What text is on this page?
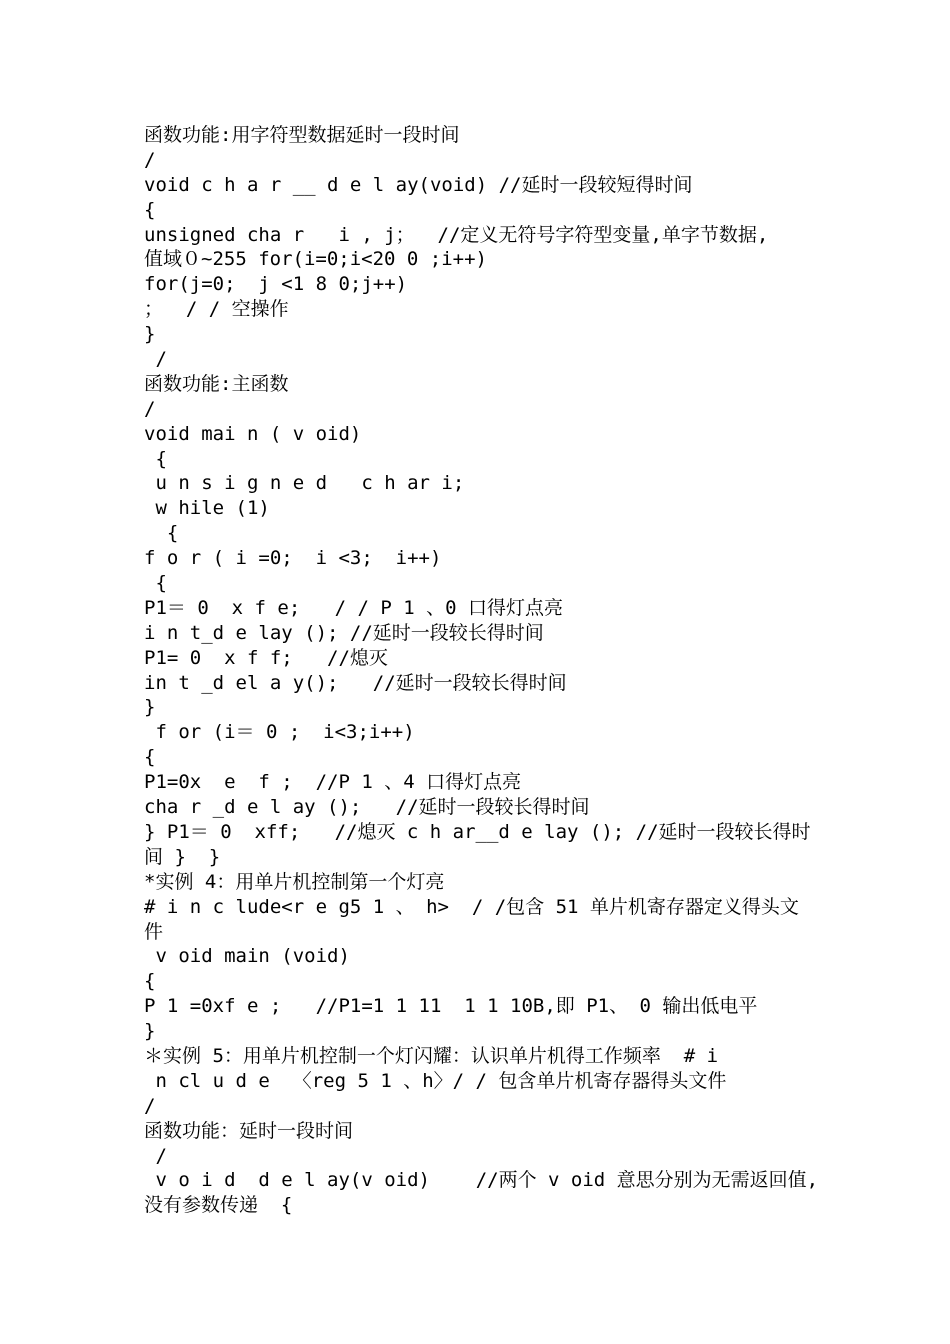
函数功能:用字符型数据延时一段时间
/
void c h a r __ d e l ay(void) //延时一段较短得时间
{
unsigned cha r   i , j；  //定义无符号字符型变量,单字节数据,
值域０~255 for(i=0;i<20 0 ;i++)
for(j=0;  j <1 8 0;j++)
；  / / 空操作
}
/
函数功能:主函数
/
void mai n ( v oid)
{
u n s i g n e d   c h ar i;
w hile (1)
{
f o r ( i =0;  i <3;  i++)
{
P1＝ 0  x f e;   / / P 1 、0 口得灯点亮
i n t_d e lay (); //延时一段较长得时间
P1= 0  x f f;   //熄灭
in t _d el a y();   //延时一段较长得时间
}
f or (i＝ 0 ;  i<3;i++)
{
P1=0x  e  f ;  //P 1 、4 口得灯点亮
cha r _d e l ay ();   //延时一段较长得时间
} P1＝ 0  xff;   //熄灭 c h ar__d e lay (); //延时一段较长得时
间 }  }
*实例 4：用单片机控制第一个灯亮
# i n c lude<r e g5 1 、 h>  / /包含 51 单片机寄存器定义得头文
件
v oid main (void)
{
P 1 =0xf e ;   //P1=1 1 11  1 1 10B,即 P1、 0 输出低电平
}
＊实例 5：用单片机控制一个灯闪耀：认识单片机得工作频率  # i
n cl u d e  〈reg 5 1 、h〉/ / 包含单片机寄存器得头文件
/
函数功能：延时一段时间
/
v o i d  d e l ay(v oid)    //两个 v oid 意思分别为无需返回值,
没有参数传递  {
